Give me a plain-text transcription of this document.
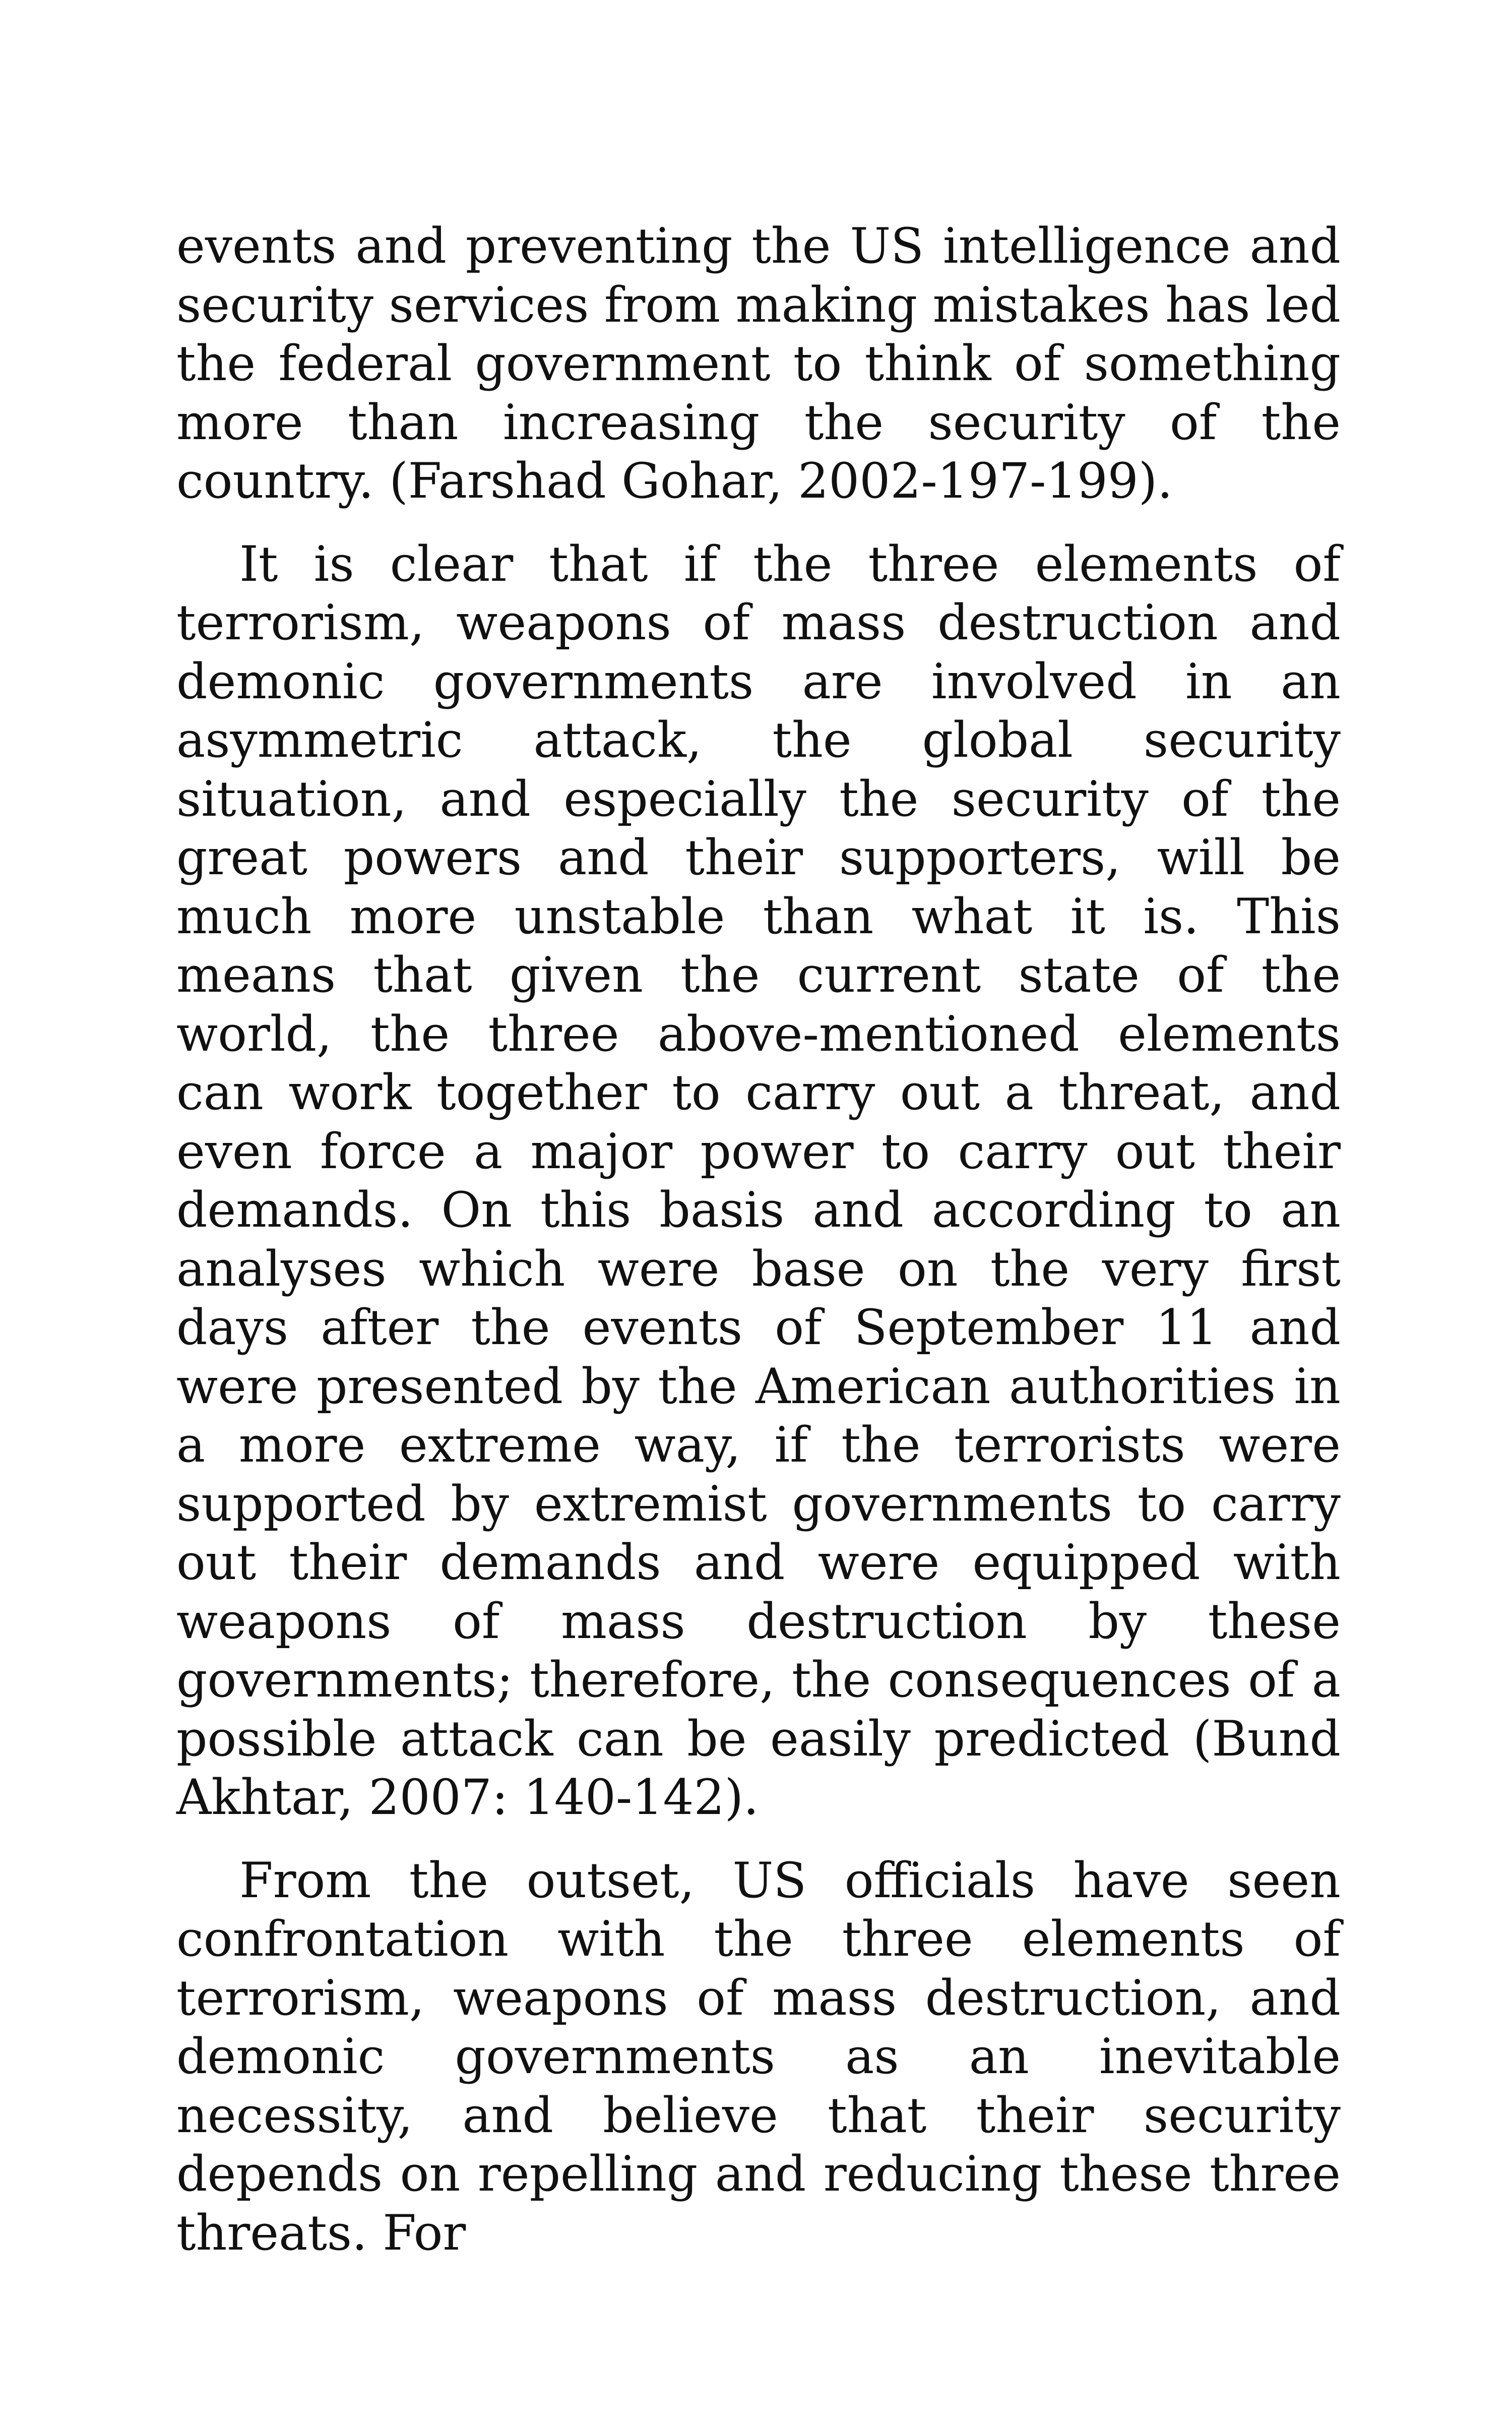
events and preventing the US intelligence and security services from making mistakes has led the federal government to think of something more than increasing the security of the country. (Farshad Gohar, 2002-197-199).

It is clear that if the three elements of terrorism, weapons of mass destruction and demonic governments are involved in an asymmetric attack, the global security situation, and especially the security of the great powers and their supporters, will be much more unstable than what it is. This means that given the current state of the world, the three above-mentioned elements can work together to carry out a threat, and even force a major power to carry out their demands. On this basis and according to an analyses which were base on the very first days after the events of September 11 and were presented by the American authorities in a more extreme way, if the terrorists were supported by extremist governments to carry out their demands and were equipped with weapons of mass destruction by these governments; therefore, the consequences of a possible attack can be easily predicted (Bund Akhtar, 2007: 140-142).

From the outset, US officials have seen confrontation with the three elements of terrorism, weapons of mass destruction, and demonic governments as an inevitable necessity, and believe that their security depends on repelling and reducing these three threats. For
